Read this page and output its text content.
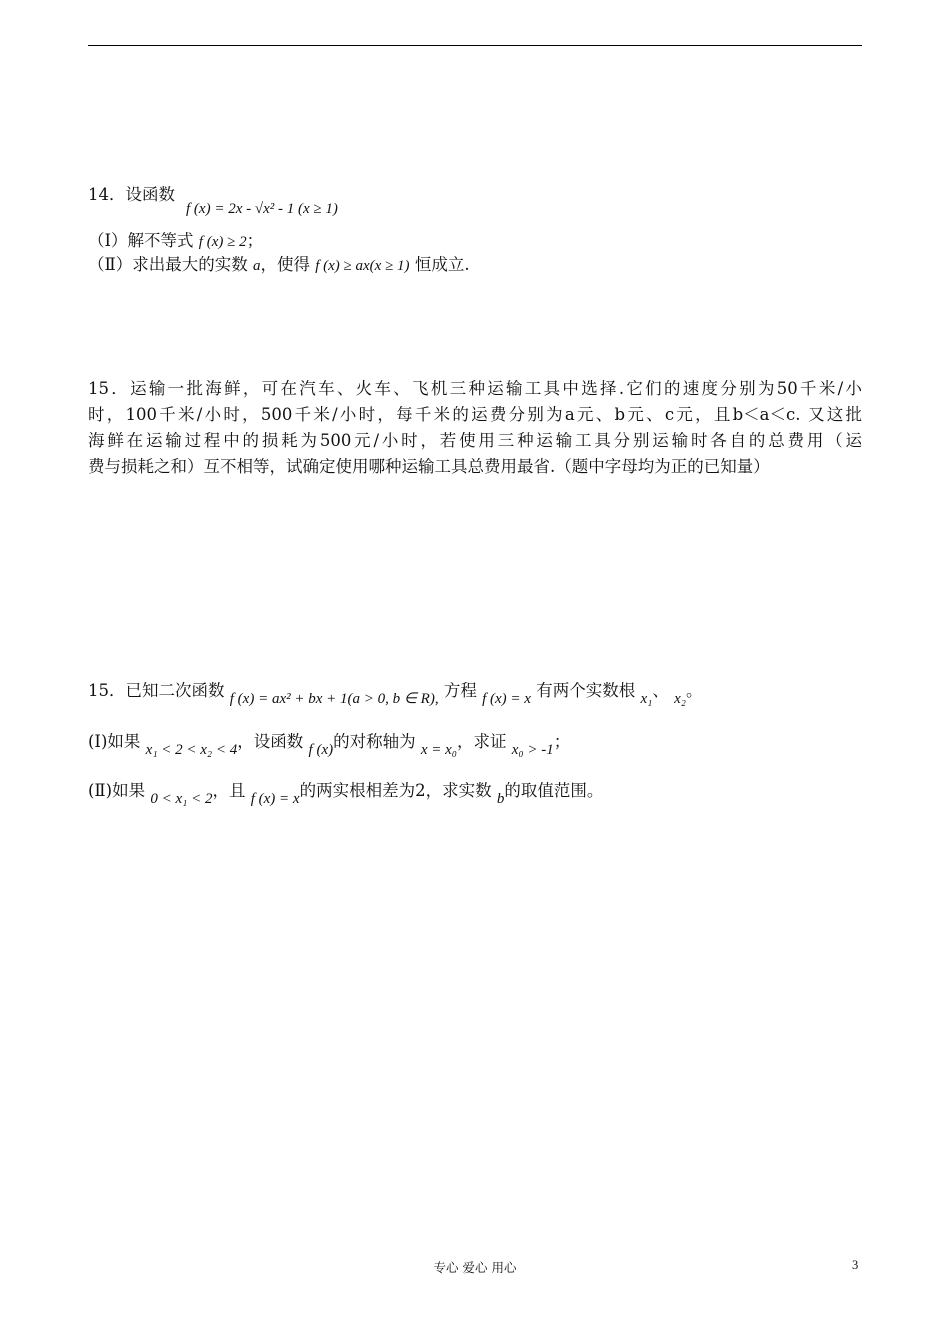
14．设函数
f (x) = 2x - √x² - 1 (x ≥ 1)
（Ⅰ）解不等式 f (x) ≥ 2；
（Ⅱ）求出最大的实数 a，使得 f (x) ≥ ax(x ≥ 1) 恒成立.
15．运输一批海鲜，可在汽车、火车、飞机三种运输工具中选择.它们的速度分别为50千米/小
时，100千米/小时，500千米/小时，每千米的运费分别为a元、b元、c元，且b＜a＜c. 又这批
海鲜在运输过程中的损耗为500元/小时，若使用三种运输工具分别运输时各自的总费用（运
费与损耗之和）互不相等，试确定使用哪种运输工具总费用最省.（题中字母均为正的已知量）
15．已知二次函数 f (x) = ax² + bx + 1(a > 0, b ∈ R), 方程 f (x) = x 有两个实数根 x₁、 x₂。
(Ⅰ)如果 x₁ < 2 < x₂ < 4，设函数 f (x)的对称轴为 x = x₀，求证 x₀ > -1；
(Ⅱ)如果 0 < x₁ < 2，且 f (x) = x的两实根相差为2，求实数 b的取值范围。
专心 爱心 用心	3
